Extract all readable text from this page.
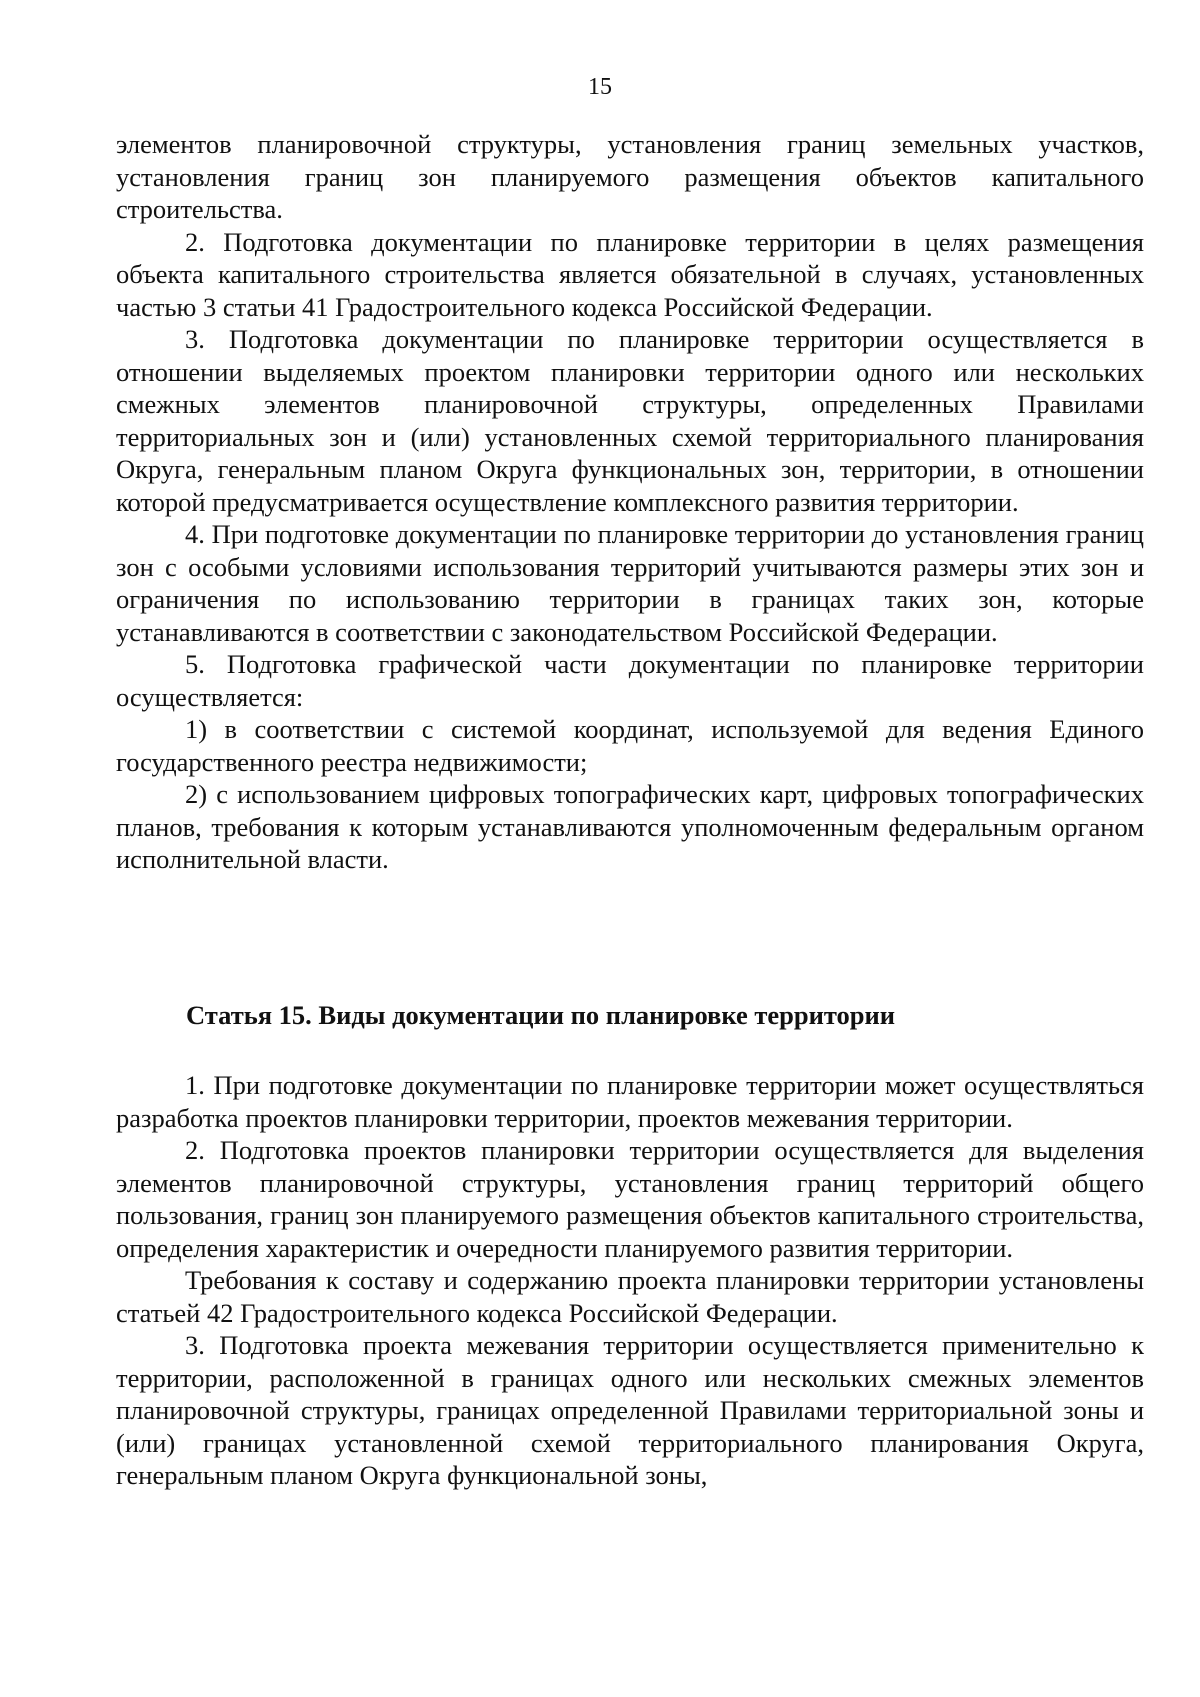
15

элементов планировочной структуры, установления границ земельных участков, установления границ зон планируемого размещения объектов капитального строительства.

2. Подготовка документации по планировке территории в целях размещения объекта капитального строительства является обязательной в случаях, установленных частью 3 статьи 41 Градостроительного кодекса Российской Федерации.

3. Подготовка документации по планировке территории осуществляется в отношении выделяемых проектом планировки территории одного или нескольких смежных элементов планировочной структуры, определенных Правилами территориальных зон и (или) установленных схемой территориального планирования Округа, генеральным планом Округа функциональных зон, территории, в отношении которой предусматривается осуществление комплексного развития территории.

4. При подготовке документации по планировке территории до установления границ зон с особыми условиями использования территорий учитываются размеры этих зон и ограничения по использованию территории в границах таких зон, которые устанавливаются в соответствии с законодательством Российской Федерации.

5. Подготовка графической части документации по планировке территории осуществляется:

1) в соответствии с системой координат, используемой для ведения Единого государственного реестра недвижимости;

2) с использованием цифровых топографических карт, цифровых топографических планов, требования к которым устанавливаются уполномоченным федеральным органом исполнительной власти.

Статья 15. Виды документации по планировке территории

1. При подготовке документации по планировке территории может осуществляться разработка проектов планировки территории, проектов межевания территории.

2. Подготовка проектов планировки территории осуществляется для выделения элементов планировочной структуры, установления границ территорий общего пользования, границ зон планируемого размещения объектов капитального строительства, определения характеристик и очередности планируемого развития территории.

Требования к составу и содержанию проекта планировки территории установлены статьей 42 Градостроительного кодекса Российской Федерации.

3. Подготовка проекта межевания территории осуществляется применительно к территории, расположенной в границах одного или нескольких смежных элементов планировочной структуры, границах определенной Правилами территориальной зоны и (или) границах установленной схемой территориального планирования Округа, генеральным планом Округа функциональной зоны,
